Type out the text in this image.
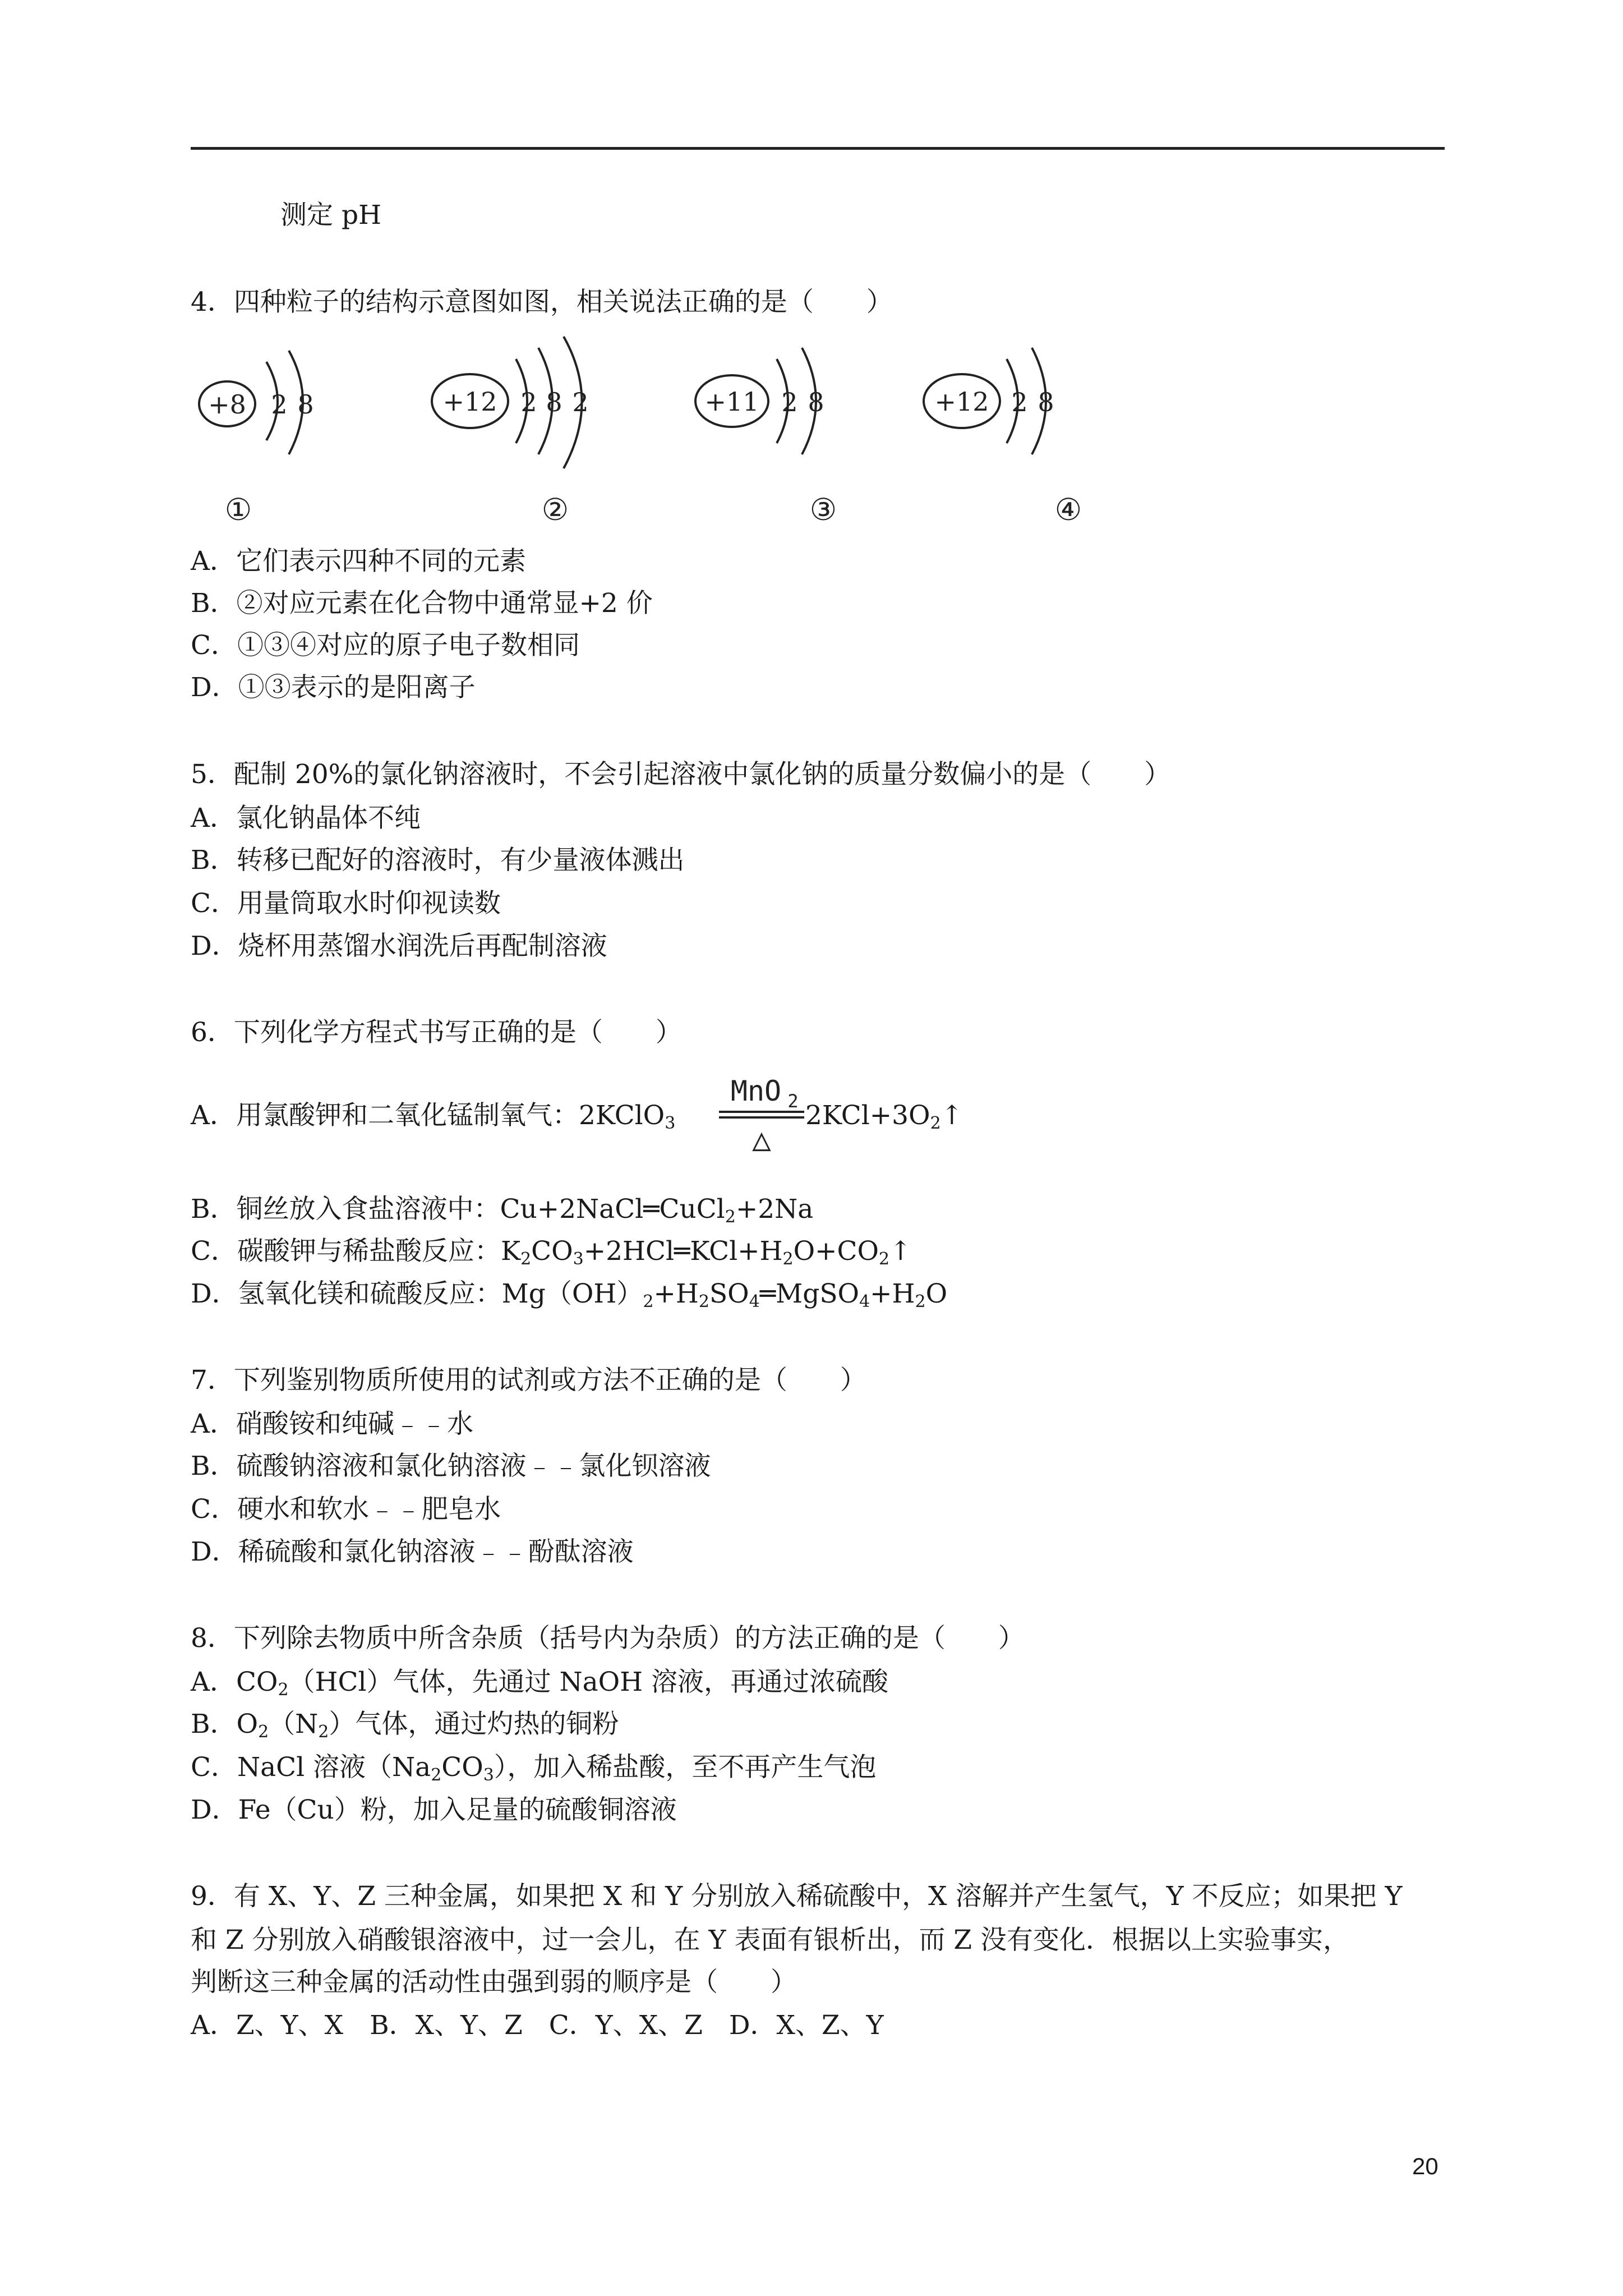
测定 pH
4．四种粒子的结构示意图如图，相关说法正确的是（　　）
+8 2 8
①
+12 2 8 2
②
+11 2 8
③
+12 2 8
④
A．它们表示四种不同的元素
B．②对应元素在化合物中通常显+2 价
C．①③④对应的原子电子数相同
D．①③表示的是阳离子
5．配制 20%的氯化钠溶液时，不会引起溶液中氯化钠的质量分数偏小的是（　　）
A．氯化钠晶体不纯
B．转移已配好的溶液时，有少量液体溅出
C．用量筒取水时仰视读数
D．烧杯用蒸馏水润洗后再配制溶液
6．下列化学方程式书写正确的是（　　）
A．用氯酸钾和二氧化锰制氧气：2KClO$_3$
MnO 2
△
$2KCl+3O_2↑$
B．铜丝放入食盐溶液中：Cu+2NaCl═CuCl$_2$+2Na
C．碳酸钾与稀盐酸反应：$K_2CO_3+2HCl═KCl+H_2O+CO_2↑$
D．氢氧化镁和硫酸反应：$Mg(OH)_2+H_2SO_4═MgSO_4+H_2O$
7．下列鉴别物质所使用的试剂或方法不正确的是（　　）
A．硝酸铵和纯碱﹣﹣水
B．硫酸钠溶液和氯化钠溶液﹣﹣氯化钡溶液
C．硬水和软水﹣﹣肥皂水
D．稀硫酸和氯化钠溶液﹣﹣酚酞溶液
8．下列除去物质中所含杂质（括号内为杂质）的方法正确的是（　　）
A．$CO_2(HCl)$气体，先通过 NaOH 溶液，再通过浓硫酸
B．$O_2(N_2)$气体，通过灼热的铜粉
C．NaCl 溶液$(Na_2CO_3)$，加入稀盐酸，至不再产生气泡
D．Fe（Cu）粉，加入足量的硫酸铜溶液
9．有 X、Y、Z 三种金属，如果把 X 和 Y 分别放入稀硫酸中，X 溶解并产生氢气，Y 不反应；如果把 Y
和 Z 分别放入硝酸银溶液中，过一会儿，在 Y 表面有银析出，而 Z 没有变化．根据以上实验事实，
判断这三种金属的活动性由强到弱的顺序是（　　）
A．Z、Y、X　B．X、Y、Z　C．Y、X、Z　D．X、Z、Y
20
